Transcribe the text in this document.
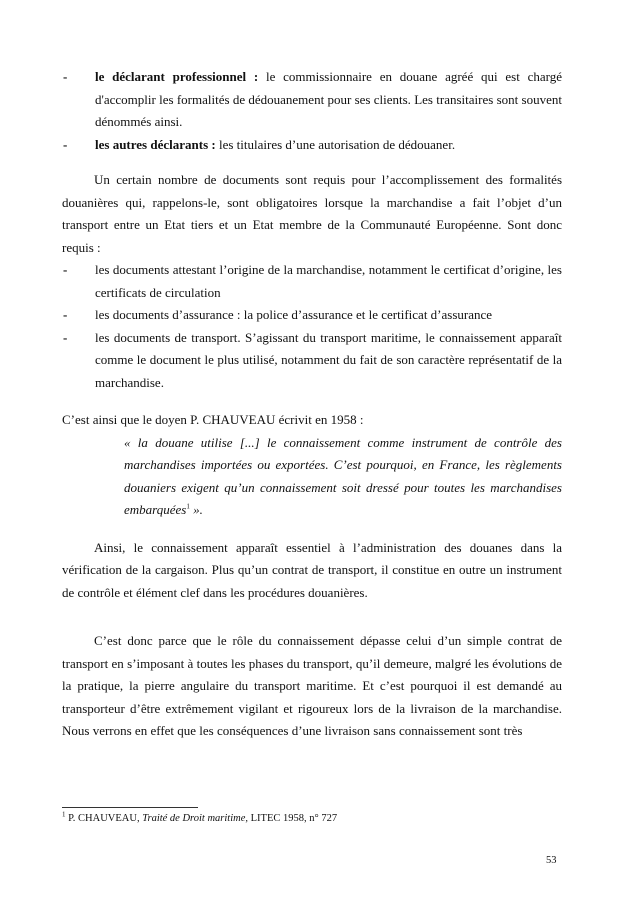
- le déclarant professionnel : le commissionnaire en douane agréé qui est chargé d'accomplir les formalités de dédouanement pour ses clients. Les transitaires sont souvent dénommés ainsi.

- les autres déclarants : les titulaires d’une autorisation de dédouaner.

Un certain nombre de documents sont requis pour l’accomplissement des formalités douanières qui, rappelons-le, sont obligatoires lorsque la marchandise a fait l’objet d’un transport entre un Etat tiers et un Etat membre de la Communauté Européenne. Sont donc requis :

- les documents attestant l’origine de la marchandise, notamment le certificat d’origine, les certificats de circulation

- les documents d’assurance : la police d’assurance et le certificat d’assurance

- les documents de transport. S’agissant du transport maritime, le connaissement apparaît comme le document le plus utilisé, notamment du fait de son caractère représentatif de la marchandise.

C’est ainsi que le doyen P. CHAUVEAU écrivit en 1958 :

« la douane utilise [...] le connaissement comme instrument de contrôle des marchandises importées ou exportées. C’est pourquoi, en France, les règlements douaniers exigent qu’un connaissement soit dressé pour toutes les marchandises embarquées$^1$ ».

Ainsi, le connaissement apparaît essentiel à l’administration des douanes dans la vérification de la cargaison. Plus qu’un contrat de transport, il constitue en outre un instrument de contrôle et élément clef dans les procédures douanières.

C’est donc parce que le rôle du connaissement dépasse celui d’un simple contrat de transport en s’imposant à toutes les phases du transport, qu’il demeure, malgré les évolutions de la pratique, la pierre angulaire du transport maritime. Et c’est pourquoi il est demandé au transporteur d’être extrêmement vigilant et rigoureux lors de la livraison de la marchandise. Nous verrons en effet que les conséquences d’une livraison sans connaissement sont très

$^1$ P. CHAUVEAU, Traité de Droit maritime, LITEC 1958, n° 727
53
